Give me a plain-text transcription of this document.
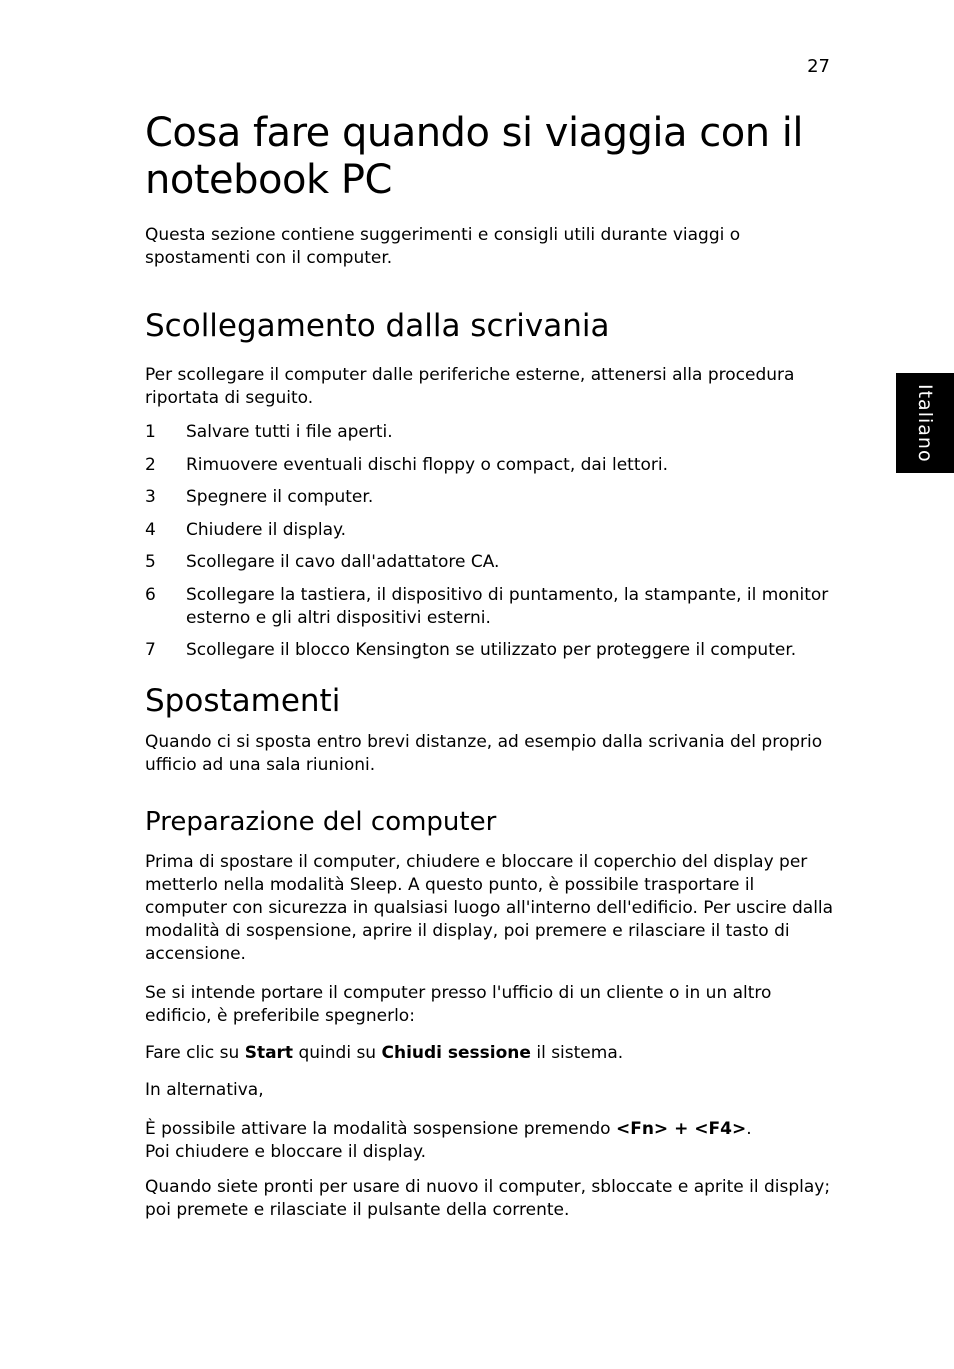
27
Italiano
Cosa fare quando si viaggia con il notebook PC

Questa sezione contiene suggerimenti e consigli utili durante viaggi o spostamenti con il computer.

Scollegamento dalla scrivania

Per scollegare il computer dalle periferiche esterne, attenersi alla procedura riportata di seguito.

1	Salvare tutti i file aperti.
2	Rimuovere eventuali dischi floppy o compact, dai lettori.
3	Spegnere il computer.
4	Chiudere il display.
5	Scollegare il cavo dall'adattatore CA.
6	Scollegare la tastiera, il dispositivo di puntamento, la stampante, il monitor esterno e gli altri dispositivi esterni.
7	Scollegare il blocco Kensington se utilizzato per proteggere il computer.
Spostamenti

Quando ci si sposta entro brevi distanze, ad esempio dalla scrivania del proprio ufficio ad una sala riunioni.

Preparazione del computer

Prima di spostare il computer, chiudere e bloccare il coperchio del display per metterlo nella modalità Sleep. A questo punto, è possibile trasportare il computer con sicurezza in qualsiasi luogo all'interno dell'edificio. Per uscire dalla modalità di sospensione, aprire il display, poi premere e rilasciare il tasto di accensione.

Se si intende portare il computer presso l'ufficio di un cliente o in un altro edificio, è preferibile spegnerlo:

Fare clic su Start quindi su Chiudi sessione il sistema.

In alternativa,

È possibile attivare la modalità sospensione premendo <Fn> + <F4>.
Poi chiudere e bloccare il display.

Quando siete pronti per usare di nuovo il computer, sbloccate e aprite il display; poi premete e rilasciate il pulsante della corrente.
